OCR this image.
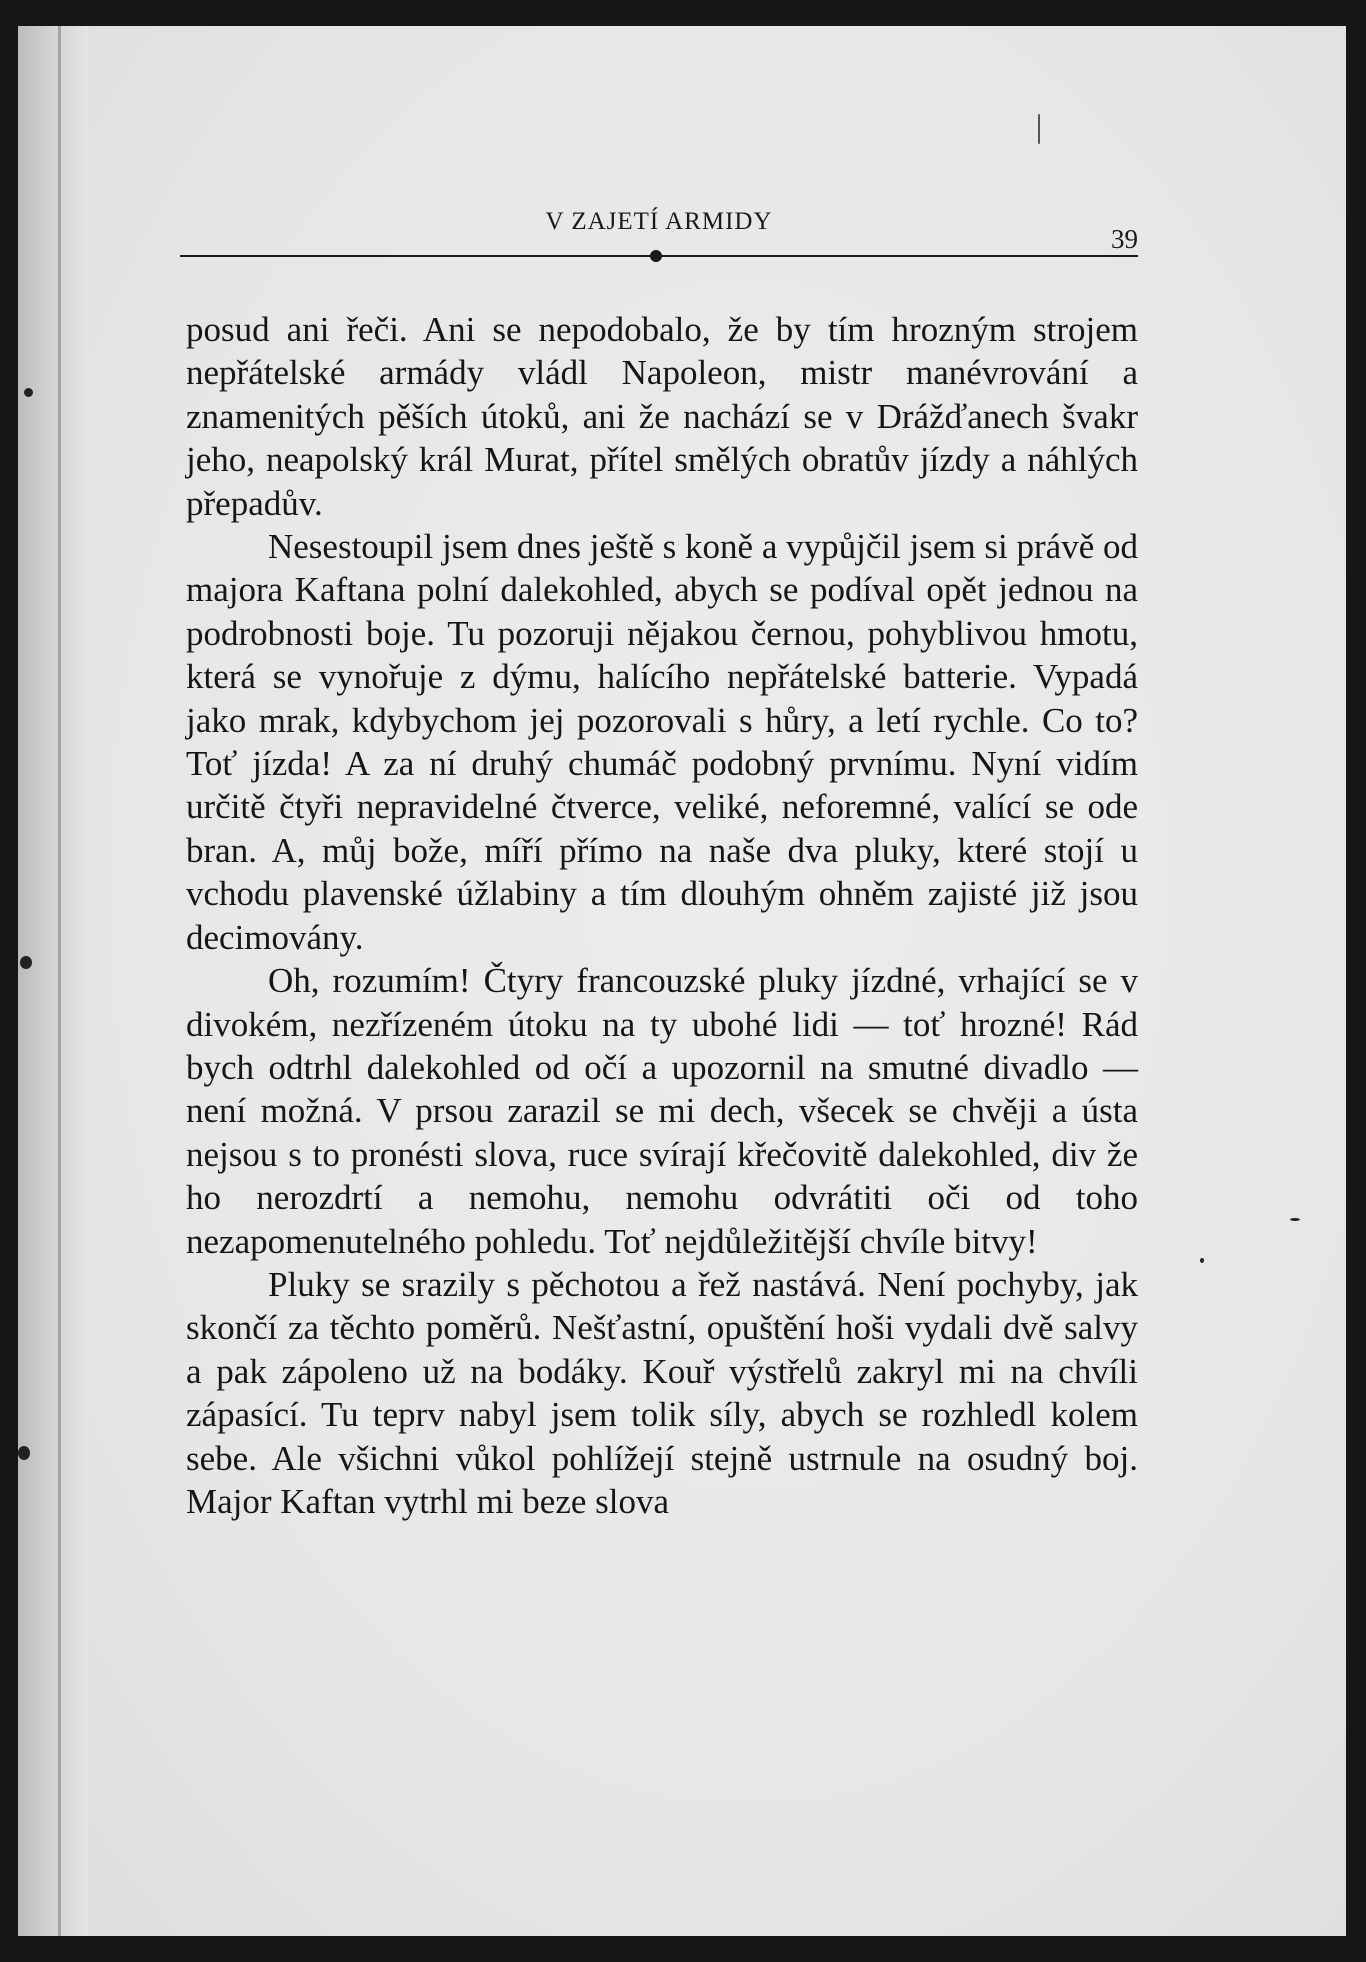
V ZAJETÍ ARMIDY
39

posud ani řeči. Ani se nepodobalo, že by tím hrozným strojem nepřátelské armády vládl Napoleon, mistr manévrování a znamenitých pěších útoků, ani že nachází se v Drážďanech švakr jeho, neapolský král Murat, přítel smělých obratův jízdy a náhlých přepadův.

Nesestoupil jsem dnes ještě s koně a vypůjčil jsem si právě od majora Kaftana polní dalekohled, abych se podíval opět jednou na podrobnosti boje. Tu pozoruji nějakou černou, pohyblivou hmotu, která se vynořuje z dýmu, halícího nepřátelské batterie. Vypadá jako mrak, kdybychom jej pozorovali s hůry, a letí rychle. Co to? Toť jízda! A za ní druhý chumáč podobný prvnímu. Nyní vidím určitě čtyři nepravidelné čtverce, veliké, neforemné, valící se ode bran. A, můj bože, míří přímo na naše dva pluky, které stojí u vchodu plavenské úžlabiny a tím dlouhým ohněm zajisté již jsou decimovány.

Oh, rozumím! Čtyry francouzské pluky jízdné, vrhající se v divokém, nezřízeném útoku na ty ubohé lidi — toť hrozné! Rád bych odtrhl dalekohled od očí a upozornil na smutné divadlo — není možná. V prsou zarazil se mi dech, všecek se chvěji a ústa nejsou s to pronésti slova, ruce svírají křečovitě dalekohled, div že ho nerozdrtí a nemohu, nemohu odvrátiti oči od toho nezapomenutelného pohledu. Toť nejdůležitější chvíle bitvy!

Pluky se srazily s pěchotou a řež nastává. Není pochyby, jak skončí za těchto poměrů. Nešťastní, opuštění hoši vydali dvě salvy a pak zápoleno už na bodáky. Kouř výstřelů zakryl mi na chvíli zápasící. Tu teprv nabyl jsem tolik síly, abych se rozhledl kolem sebe. Ale všichni vůkol pohlížejí stejně ustrnule na osudný boj. Major Kaftan vytrhl mi beze slova
